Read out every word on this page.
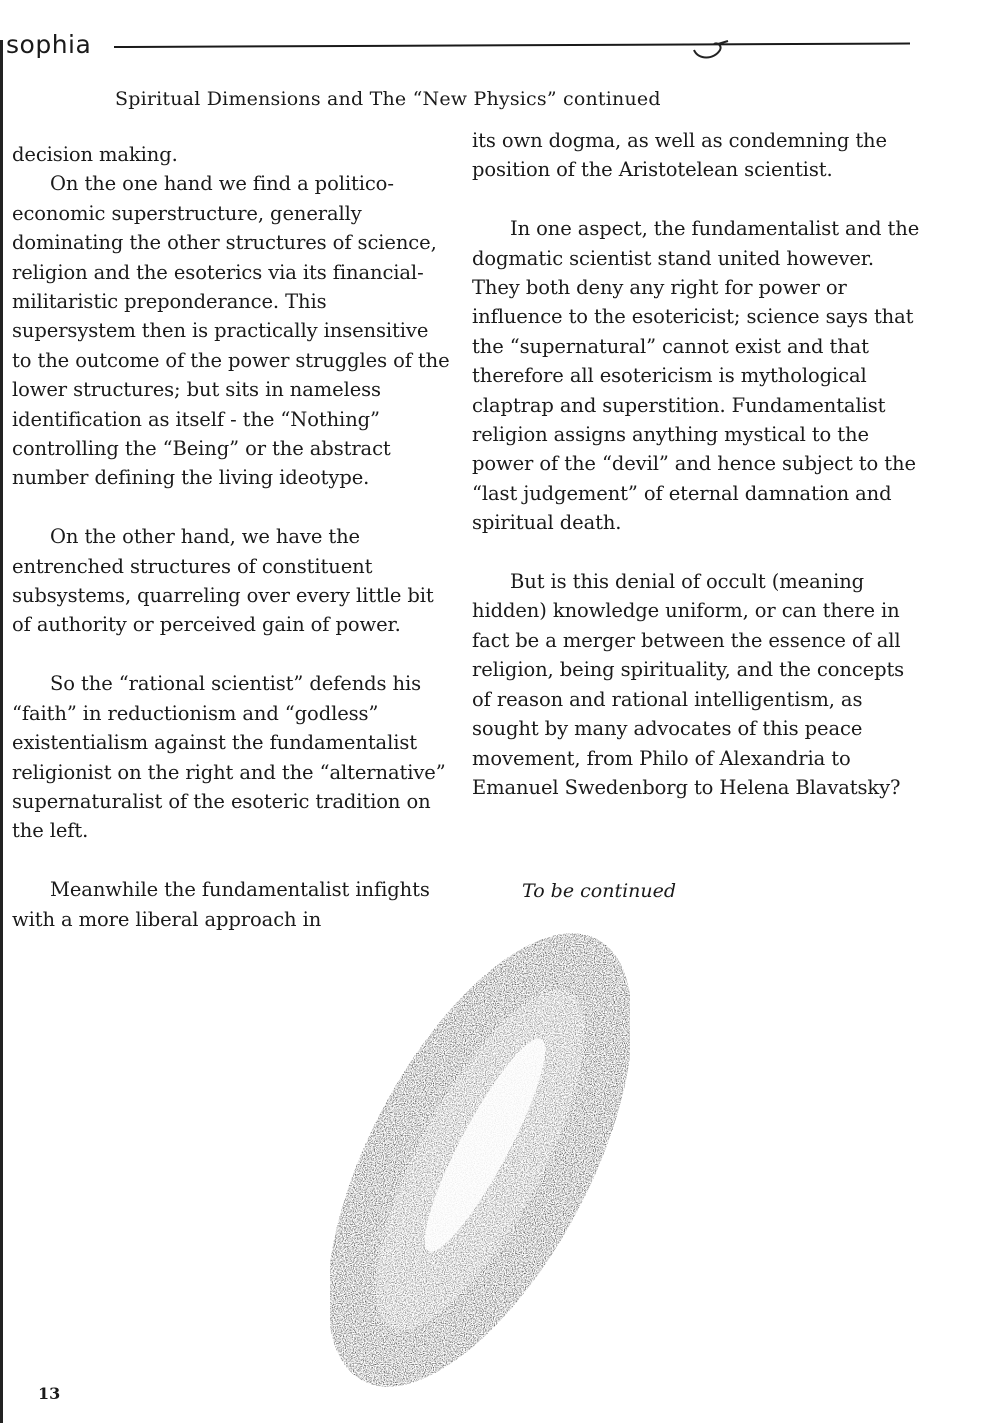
sophia
Spiritual Dimensions and The “New Physics” continued

decision making.

On the one hand we find a politico-economic superstructure, generally dominating the other structures of science, religion and the esoterics via its financial-militaristic preponderance. This supersystem then is practically insensitive to the outcome of the power struggles of the lower structures; but sits in nameless identification as itself - the “Nothing” controlling the “Being” or the abstract number defining the living ideotype.

On the other hand, we have the entrenched structures of constituent subsystems, quarreling over every little bit of authority or perceived gain of power.

So the “rational scientist” defends his “faith” in reductionism and “godless” existentialism against the fundamentalist religionist on the right and the “alternative” supernaturalist of the esoteric tradition on the left.

Meanwhile the fundamentalist infights with a more liberal approach in

its own dogma, as well as condemning the position of the Aristotelean scientist.

In one aspect, the fundamentalist and the dogmatic scientist stand united however. They both deny any right for power or influence to the esotericist; science says that the “supernatural” cannot exist and that therefore all esotericism is mythological claptrap and superstition. Fundamentalist religion assigns anything mystical to the power of the “devil” and hence subject to the “last judgement” of eternal damnation and spiritual death.

But is this denial of occult (meaning hidden) knowledge uniform, or can there in fact be a merger between the essence of all religion, being spirituality, and the concepts of reason and rational intelligentism, as sought by many advocates of this peace movement, from Philo of Alexandria to Emanuel Swedenborg to Helena Blavatsky?

To be continued
13
